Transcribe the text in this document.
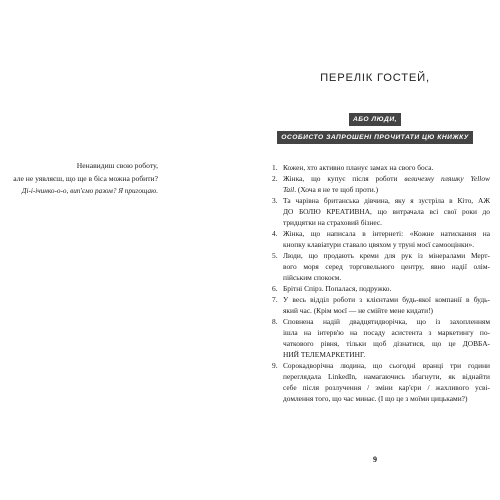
Ненавидиш свою роботу,
але не уявляєш, що ще в біса можна робити?
Ді-і-ічинко-о-о, вип'ємо разом? Я пригощаю.
ПЕРЕЛІК ГОСТЕЙ,
АБО ЛЮДИ,
ОСОБИСТО ЗАПРОШЕНІ ПРОЧИТАТИ ЦЮ КНИЖКУ
1. Кожен, хто активно планує замах на свого боса.
2. Жінка, що купує після роботи величезну пляшку Yellow
Tail. (Хоча я не те щоб проти.)
3. Та чарівна британська дівчина, яку я зустріла в Кіто, АЖ
ДО БОЛЮ КРЕАТИВНА, що витрачала всі свої роки до
тридцятки на страховий бізнес.
4. Жінка, що написала в інтернеті: «Кожне натискання на
кнопку клавіатури ставало цвяхом у труні моєї самооцінки».
5. Люди, що продають креми для рук із мінералами Мерт-
вого моря серед торговельного центру, явно надії олім-
пійським спокоєм.
6. Брітні Спірз. Попалася, подружко.
7. У весь відділ роботи з клієнтами будь-якої компанії в будь-
який час. (Крім моєї — не смійте мене кидати!)
8. Сповнена надій двадцятидворічка, що із захопленням
ішла на інтерв'ю на посаду асистента з маркетингу по-
чаткового рівня, тільки щоб дізнатися, що це ДОВБА-
НИЙ ТЕЛЕМАРКЕТИНГ.
9. Сорокадворічна людина, що сьогодні вранці три години
переглядала LinkedIn, намагаючись збагнути, як віднайти
себе після розлучення / зміни кар'єри / жахливого усві-
домлення того, що час минає. (І що це з моїми цицьками?)
9
